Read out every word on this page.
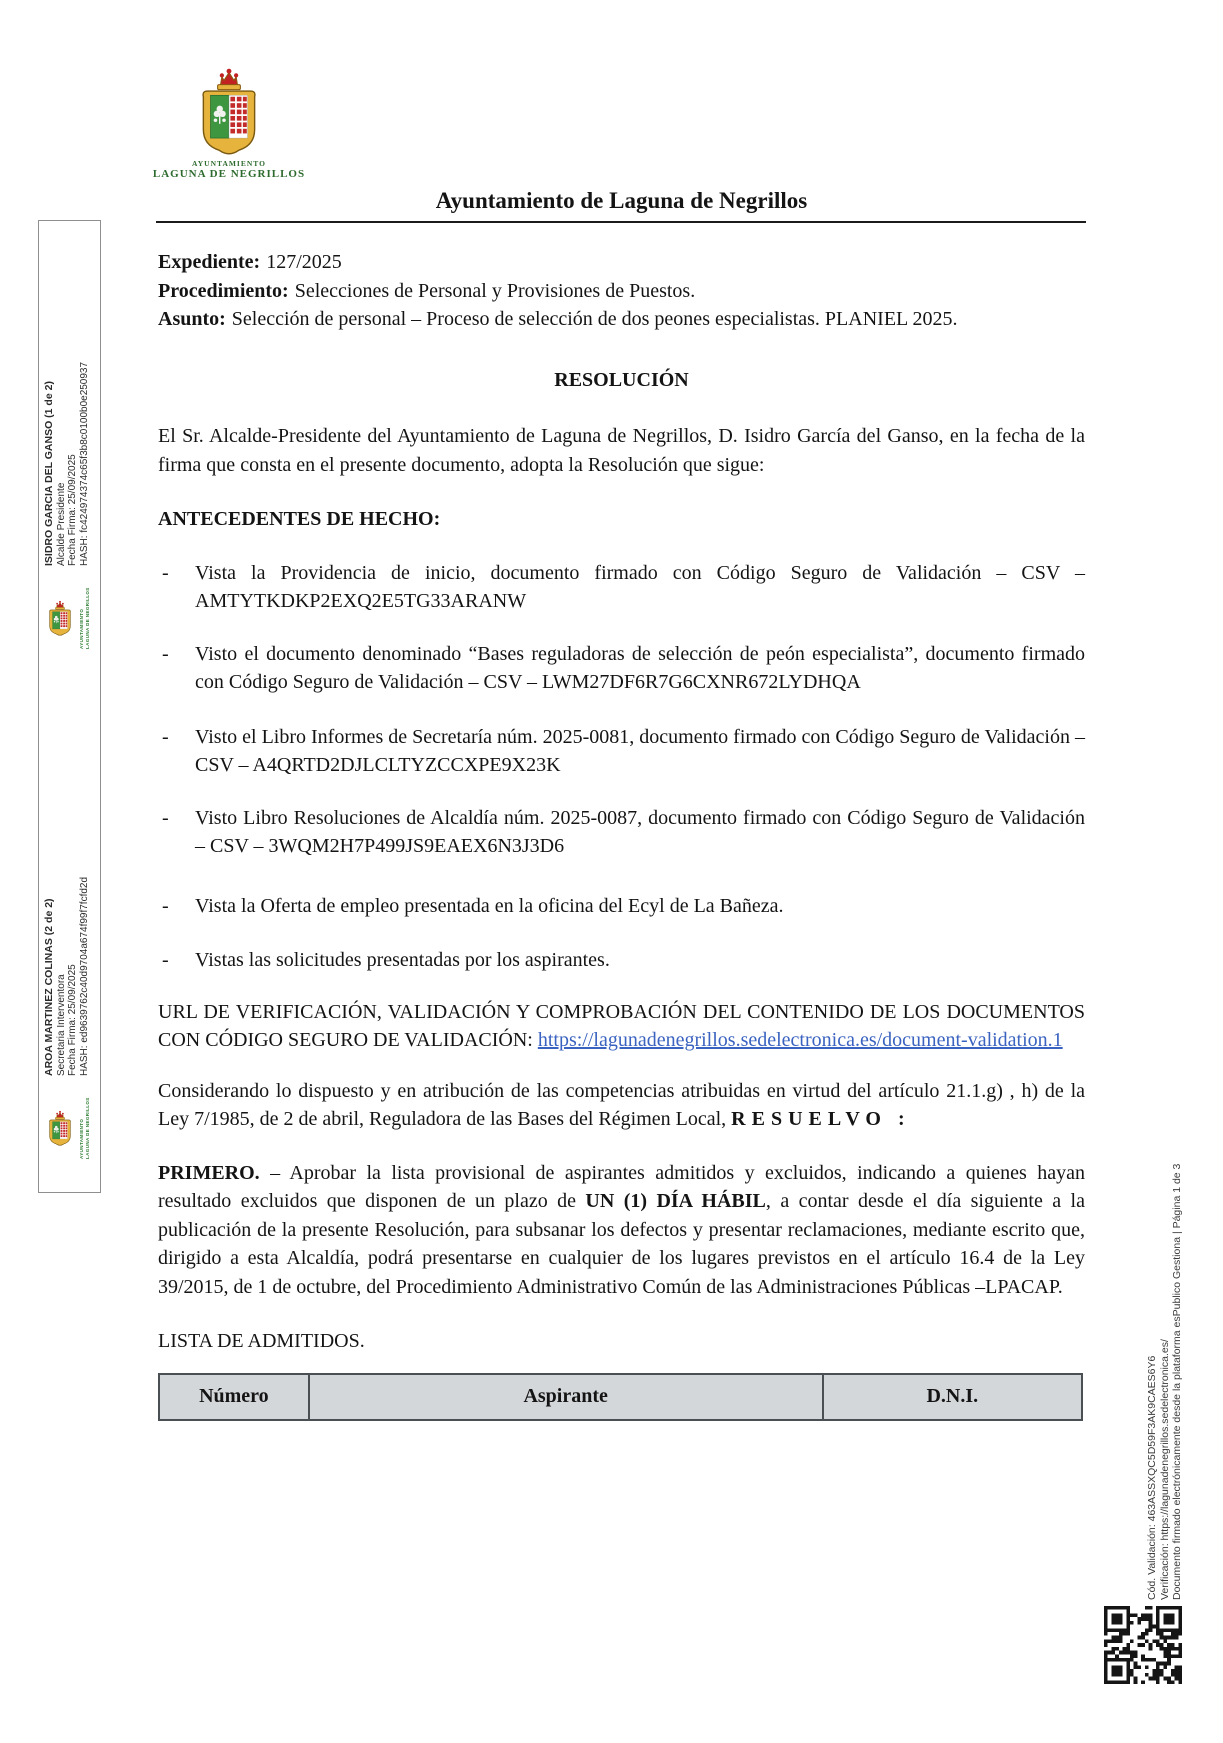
AYUNTAMIENTO
LAGUNA DE NEGRILLOS
Ayuntamiento de Laguna de Negrillos
Expediente: 127/2025
Procedimiento: Selecciones de Personal y Provisiones de Puestos.
Asunto: Selección de personal – Proceso de selección de dos peones especialistas. PLANIEL 2025.
RESOLUCIÓN

El Sr. Alcalde-Presidente del Ayuntamiento de Laguna de Negrillos, D. Isidro García del Ganso, en la fecha de la firma que consta en el presente documento, adopta la Resolución que sigue:

ANTECEDENTES DE HECHO:
- Vista la Providencia de inicio, documento firmado con Código Seguro de Validación – CSV – AMTYTKDKP2EXQ2E5TG33ARANW
- Visto el documento denominado “Bases reguladoras de selección de peón especialista”, documento firmado con Código Seguro de Validación – CSV – LWM27DF6R7G6CXNR672LYDHQA
- Visto el Libro Informes de Secretaría núm. 2025-0081, documento firmado con Código Seguro de Validación – CSV – A4QRTD2DJLCLTYZCCXPE9X23K
- Visto Libro Resoluciones de Alcaldía núm. 2025-0087, documento firmado con Código Seguro de Validación – CSV – 3WQM2H7P499JS9EAEX6N3J3D6
- Vista la Oferta de empleo presentada en la oficina del Ecyl de La Bañeza.
- Vistas las solicitudes presentadas por los aspirantes.

URL DE VERIFICACIÓN, VALIDACIÓN Y COMPROBACIÓN DEL CONTENIDO DE LOS DOCUMENTOS CON CÓDIGO SEGURO DE VALIDACIÓN: https://lagunadenegrillos.sedelectronica.es/document-validation.1

Considerando lo dispuesto y en atribución de las competencias atribuidas en virtud del artículo 21.1.g) , h) de la Ley 7/1985, de 2 de abril, Reguladora de las Bases del Régimen Local, RESUELVO :

PRIMERO. – Aprobar la lista provisional de aspirantes admitidos y excluidos, indicando a quienes hayan resultado excluidos que disponen de un plazo de UN (1) DÍA HÁBIL, a contar desde el día siguiente a la publicación de la presente Resolución, para subsanar los defectos y presentar reclamaciones, mediante escrito que, dirigido a esta Alcaldía, podrá presentarse en cualquier de los lugares previstos en el artículo 16.4 de la Ley 39/2015, de 1 de octubre, del Procedimiento Administrativo Común de las Administraciones Públicas –LPACAP.

LISTA DE ADMITIDOS.

Número	Aspirante	D.N.I.
ISIDRO GARCIA DEL GANSO (1 de 2) Alcalde Presidente Fecha Firma: 25/09/2025 HASH: fc424974374c65f3b8c0100b0e250937
AYUNTAMIENTO LAGUNA DE NEGRILLOS
AROA MARTINEZ COLINAS (2 de 2) Secretaria Interventora Fecha Firma: 25/09/2025 HASH: ed9639762c40d9704a674f99f7fcfd2d
AYUNTAMIENTO LAGUNA DE NEGRILLOS
Cód. Validación: 463ASSXQC5D59F3AK9CAES6Y6 Verificación: https://lagunadenegrillos.sedelectronica.es/ Documento firmado electrónicamente desde la plataforma esPublico Gestiona | Página 1 de 3
